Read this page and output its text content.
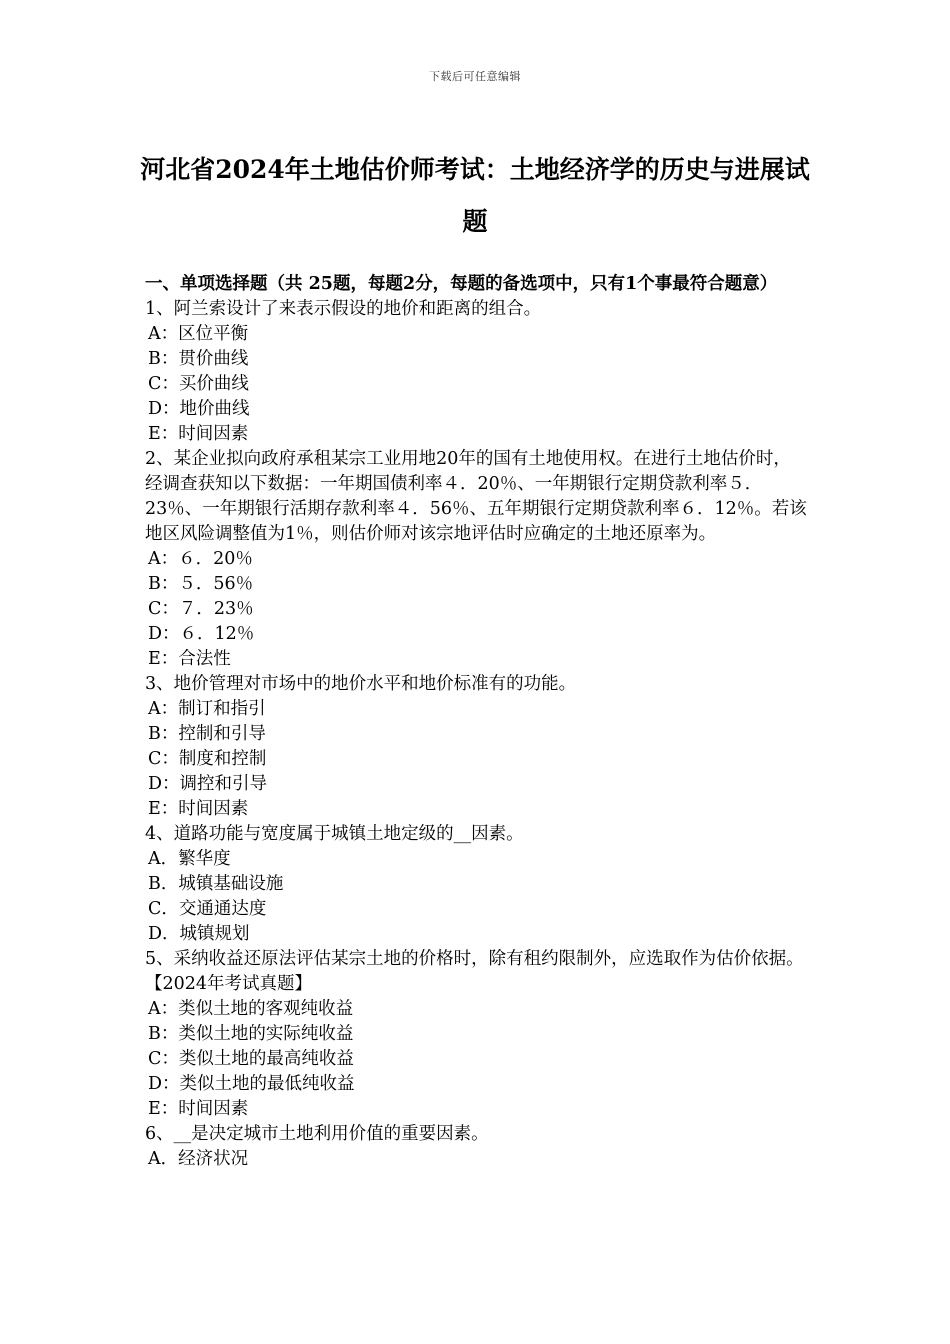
下载后可任意编辑
河北省2024年土地估价师考试：土地经济学的历史与进展试题

一、单项选择题（共 25题，每题2分，每题的备选项中，只有1个事最符合题意）

1、阿兰索设计了来表示假设的地价和距离的组合。

A：区位平衡

B：贯价曲线

C：买价曲线

D：地价曲线

E：时间因素

2、某企业拟向政府承租某宗工业用地20年的国有土地使用权。在进行土地估价时，经调查获知以下数据：一年期国债利率４．20％、一年期银行定期贷款利率５．23％、一年期银行活期存款利率４．56％、五年期银行定期贷款利率６．12％。若该地区风险调整值为1％，则估价师对该宗地评估时应确定的土地还原率为。

A：６．20％

B：５．56％

C：７．23％

D：６．12％

E：合法性

3、地价管理对市场中的地价水平和地价标准有的功能。

A：制订和指引

B：控制和引导

C：制度和控制

D：调控和引导

E：时间因素

4、道路功能与宽度属于城镇土地定级的__因素。

A．繁华度

B．城镇基础设施

C．交通通达度

D．城镇规划

5、采纳收益还原法评估某宗土地的价格时，除有租约限制外，应选取作为估价依据。【2024年考试真题】

A：类似土地的客观纯收益

B：类似土地的实际纯收益

C：类似土地的最高纯收益

D：类似土地的最低纯收益

E：时间因素

6、__是决定城市土地利用价值的重要因素。

A．经济状况
